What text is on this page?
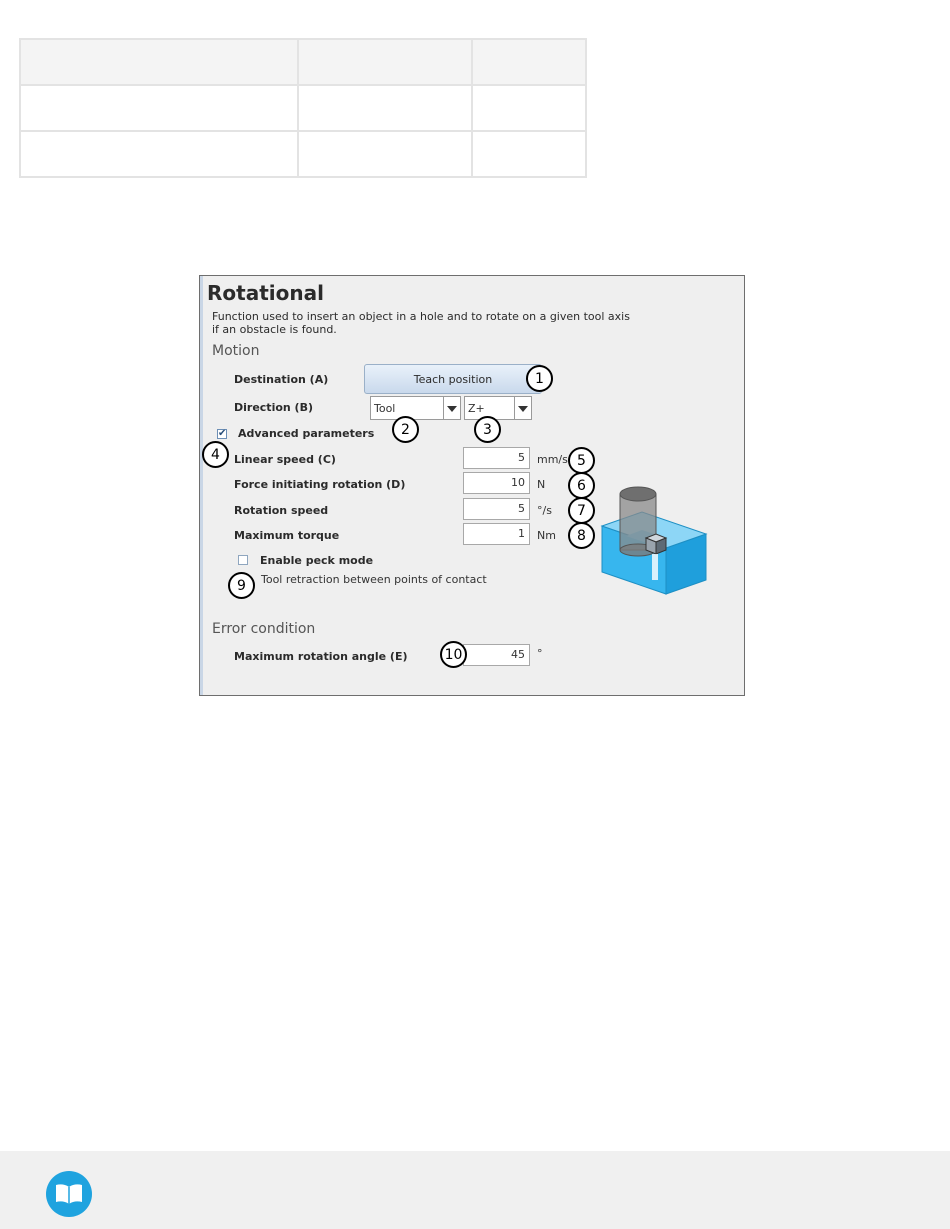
Rotational
Function used to insert an object in a hole and to rotate on a given tool axis
if an obstacle is found.
Motion
Destination (A)	Teach position
Direction (B)	Tool	Z+
✔ Advanced parameters
Linear speed (C)	5	mm/s
Force initiating rotation (D)	10	N
Rotation speed	5	°/s
Maximum torque	1	Nm
Enable peck mode
Tool retraction between points of contact
Error condition
Maximum rotation angle (E)	45	°
1
2	3
4	5
6
7
8
9
10
